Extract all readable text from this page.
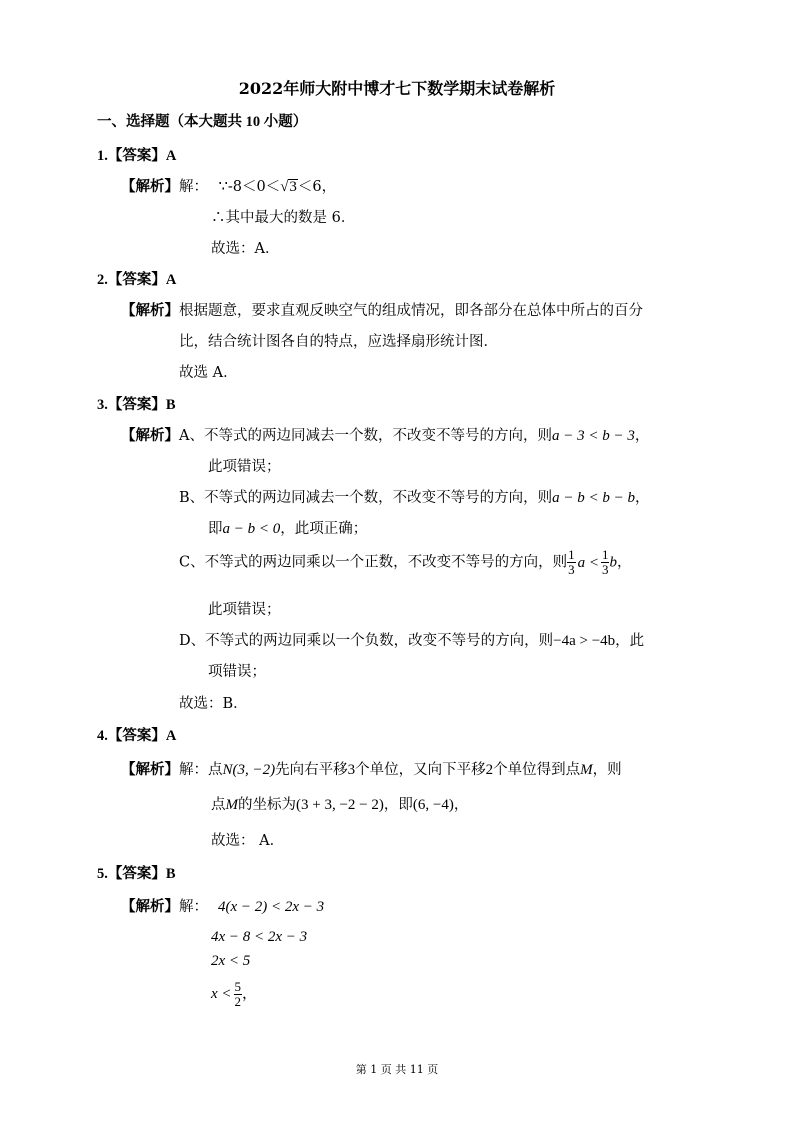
2022年师大附中博才七下数学期末试卷解析
一、选择题（本大题共 10 小题）
1.【答案】A
【解析】解： ∵-8＜0＜√3＜6，
∴其中最大的数是 6．
故选：A．
2.【答案】A
【解析】根据题意，要求直观反映空气的组成情况，即各部分在总体中所占的百分
比，结合统计图各自的特点，应选择扇形统计图．
故选 A．
3.【答案】B
【解析】A、不等式的两边同减去一个数，不改变不等号的方向，则a − 3 < b − 3，
此项错误；
B、不等式的两边同减去一个数，不改变不等号的方向，则a − b < b − b，
即a − b < 0，此项正确；
C、不等式的两边同乘以一个正数，不改变不等号的方向，则 $\frac{1}{3}$ $a < \frac{1}{3}$ b，
此项错误；
D、不等式的两边同乘以一个负数，改变不等号的方向，则−4a > −4b，此
项错误；
故选：B．
4.【答案】A
【解析】解：点N(3, −2)先向右平移3个单位，又向下平移2个单位得到点M，则
点M的坐标为(3 + 3, −2 − 2)，即(6, −4)，
故选： A．
5.【答案】B
【解析】解： 4(x − 2) < 2x − 3
4x − 8 < 2x − 3
2x < 5
$x < \frac{5}{2}$ ，
第 1 页 共 11 页
